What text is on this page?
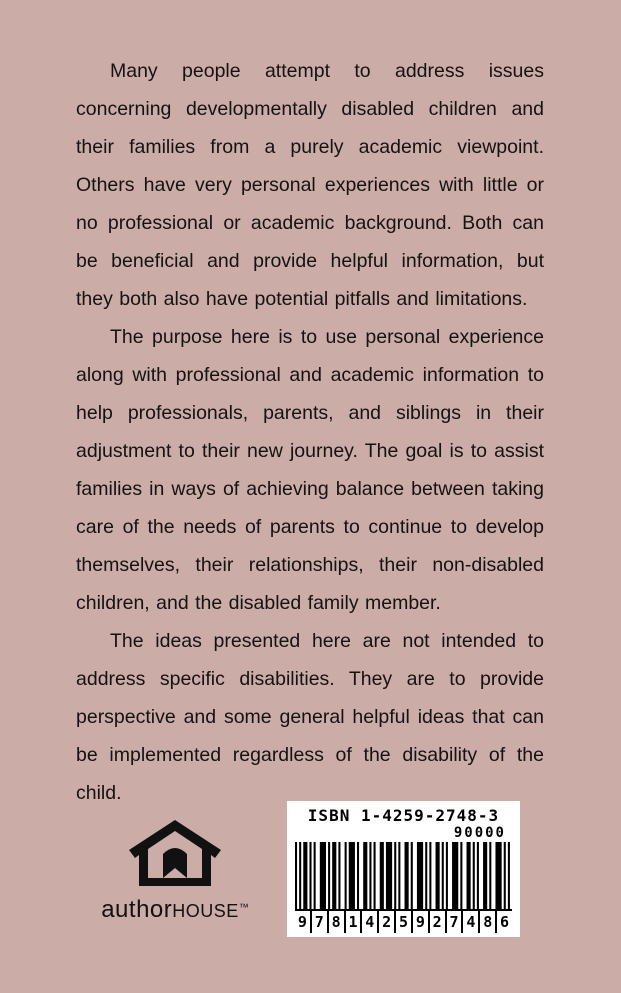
Many people attempt to address issues concerning developmentally disabled children and their families from a purely academic viewpoint. Others have very personal experiences with little or no professional or academic background. Both can be beneficial and provide helpful information, but they both also have potential pitfalls and limitations.

The purpose here is to use personal experience along with professional and academic information to help professionals, parents, and siblings in their adjustment to their new journey. The goal is to assist families in ways of achieving balance between taking care of the needs of parents to continue to develop themselves, their relationships, their non-disabled children, and the disabled family member.

The ideas presented here are not intended to address specific disabilities. They are to provide perspective and some general helpful ideas that can be implemented regardless of the disability of the child.

authorHOUSE™
ISBN 1-4259-2748-3
90000
9 7 8 1 4 2 5 9 2 7 4 8 6
